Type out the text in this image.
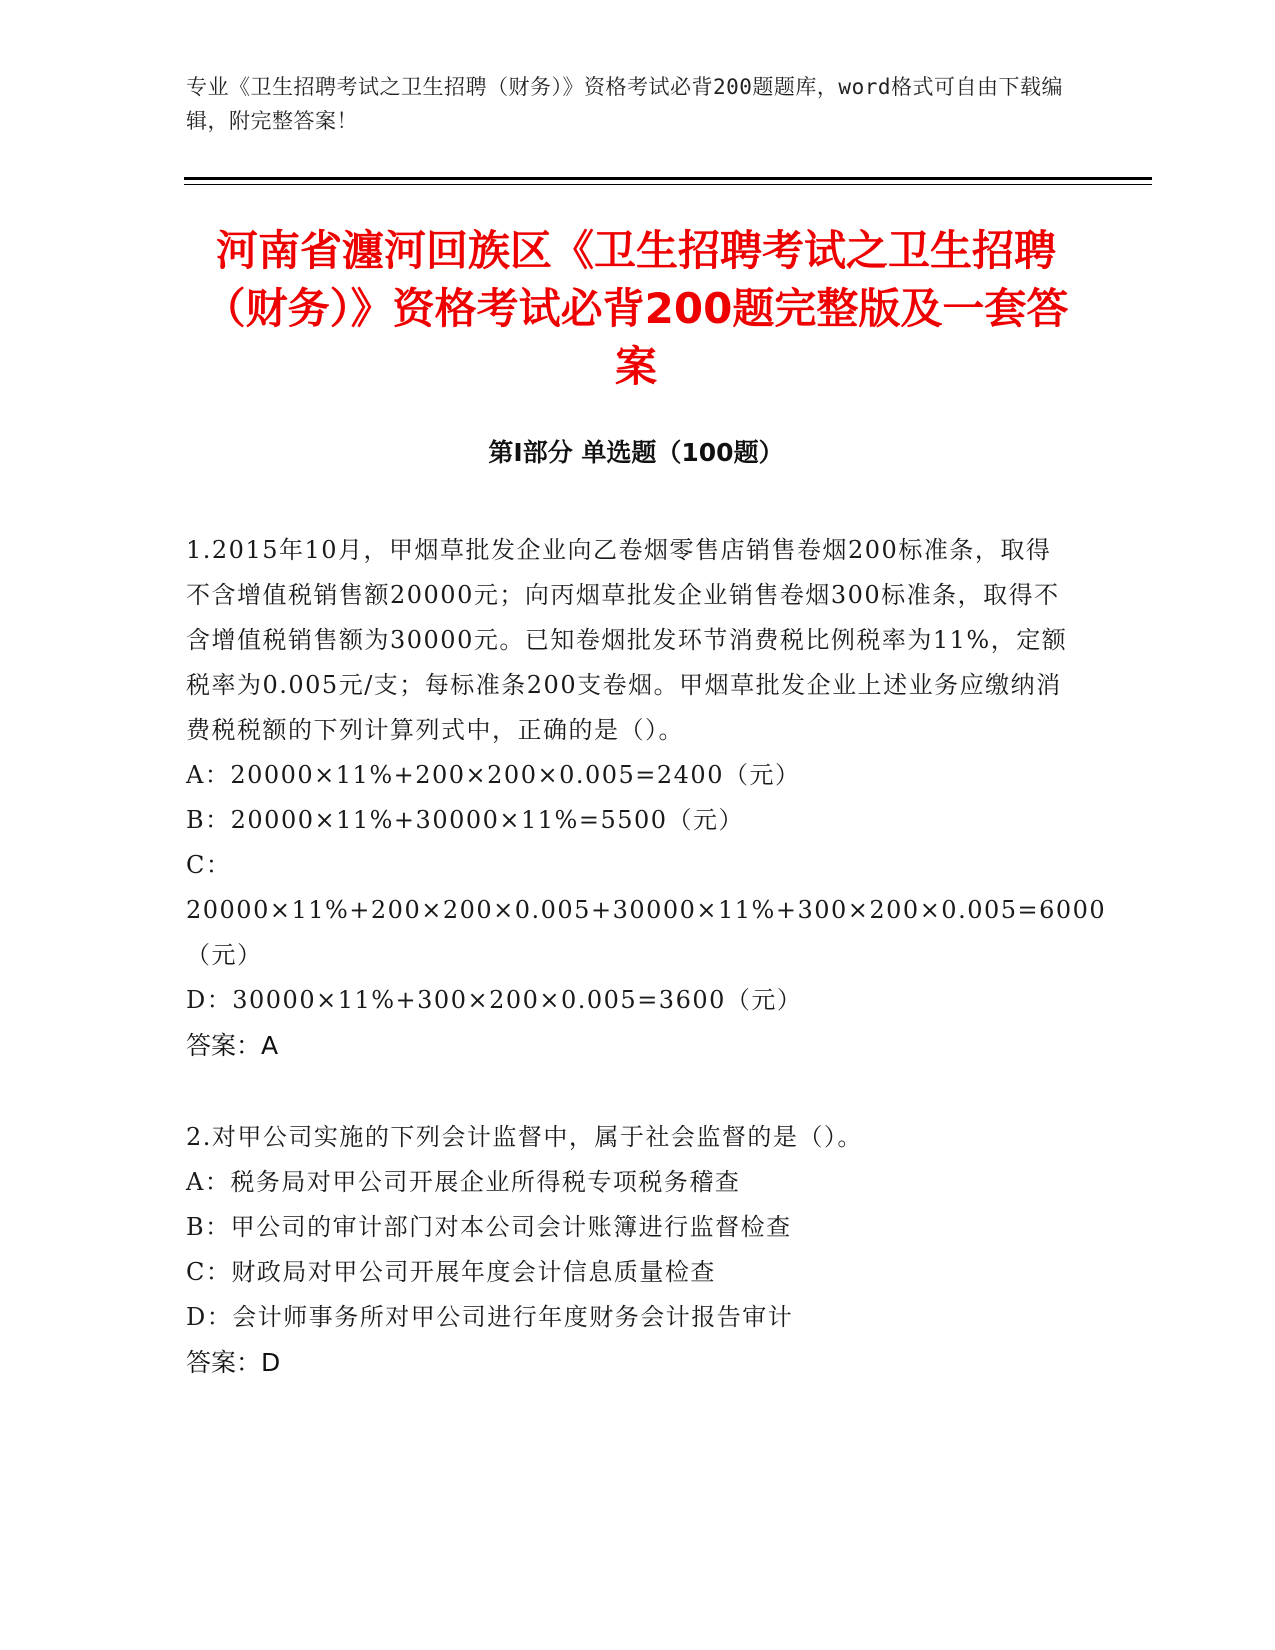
专业《卫生招聘考试之卫生招聘（财务）》资格考试必背200题题库，word格式可自由下载编辑，附完整答案！
河南省瀍河回族区《卫生招聘考试之卫生招聘（财务）》资格考试必背200题完整版及一套答案
第Ⅰ部分 单选题（100题）
1.2015年10月，甲烟草批发企业向乙卷烟零售店销售卷烟200标准条，取得不含增值税销售额20000元；向丙烟草批发企业销售卷烟300标准条，取得不含增值税销售额为30000元。已知卷烟批发环节消费税比例税率为11%，定额税率为0.005元/支；每标准条200支卷烟。甲烟草批发企业上述业务应缴纳消费税税额的下列计算列式中，正确的是（）。
A：20000×11%+200×200×0.005=2400（元）
B：20000×11%+30000×11%=5500（元）
C：20000×11%+200×200×0.005+30000×11%+300×200×0.005=6000（元）
D：30000×11%+300×200×0.005=3600（元）
答案：A
2.对甲公司实施的下列会计监督中，属于社会监督的是（）。
A：税务局对甲公司开展企业所得税专项税务稽查
B：甲公司的审计部门对本公司会计账簿进行监督检查
C：财政局对甲公司开展年度会计信息质量检查
D：会计师事务所对甲公司进行年度财务会计报告审计
答案：D
